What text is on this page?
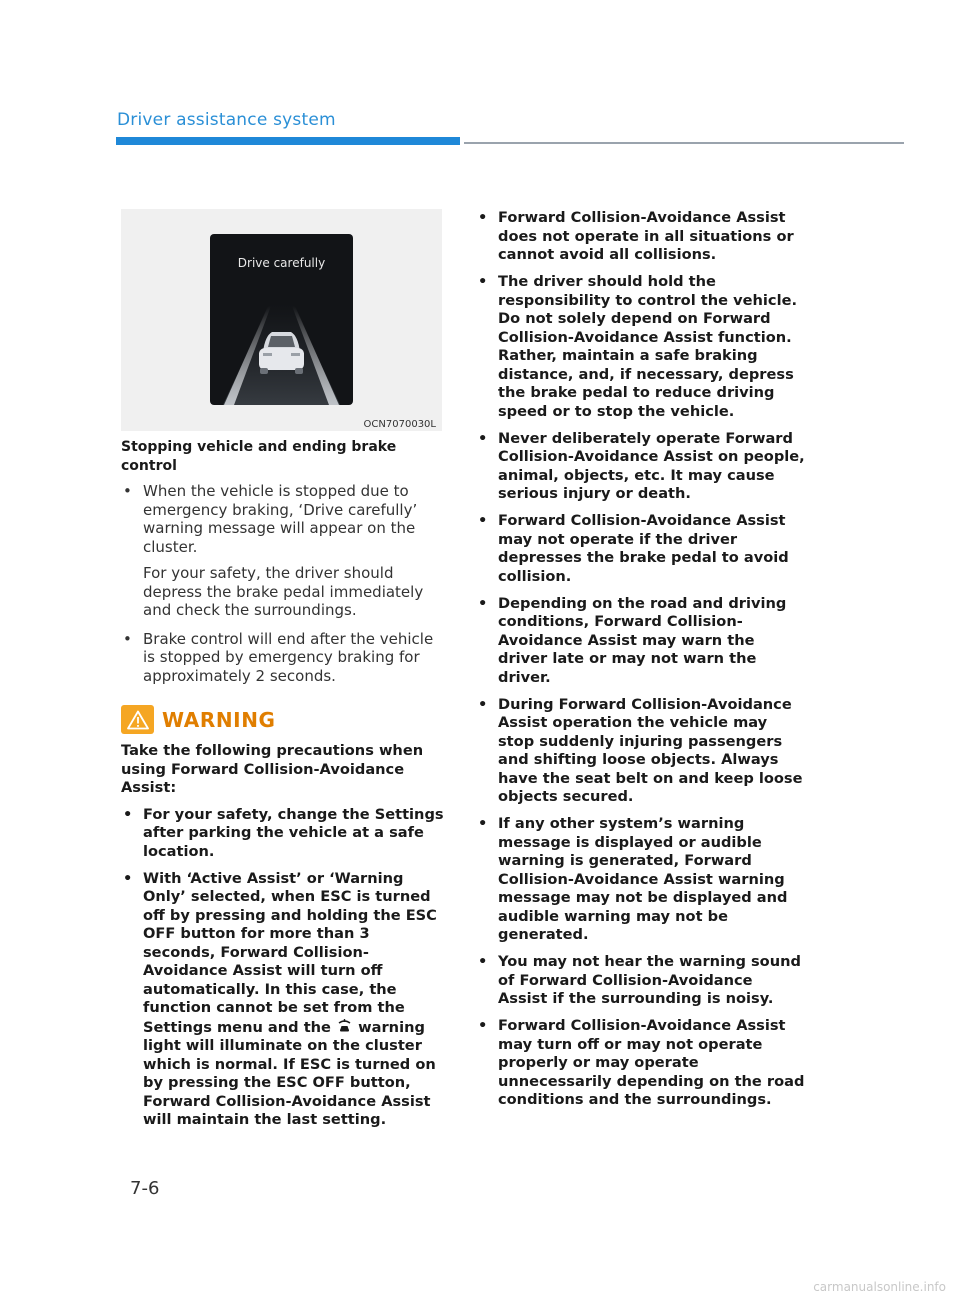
Driver assistance system
Drive carefully
OCN7070030L
Stopping vehicle and ending brake control
• When the vehicle is stopped due to emergency braking, ‘Drive carefully’ warning message will appear on the cluster.

For your safety, the driver should depress the brake pedal immediately and check the surroundings.

• Brake control will end after the vehicle is stopped by emergency braking for approximately 2 seconds.
WARNING
Take the following precautions when using Forward Collision-Avoidance Assist:
• For your safety, change the Settings after parking the vehicle at a safe location.
• With ‘Active Assist’ or ‘Warning Only’ selected, when ESC is turned off by pressing and holding the ESC OFF button for more than 3 seconds, Forward Collision-Avoidance Assist will turn off automatically. In this case, the function cannot be set from the Settings menu and the warning light will illuminate on the cluster which is normal. If ESC is turned on by pressing the ESC OFF button, Forward Collision-Avoidance Assist will maintain the last setting.
• Forward Collision-Avoidance Assist does not operate in all situations or cannot avoid all collisions.
• The driver should hold the responsibility to control the vehicle. Do not solely depend on Forward Collision-Avoidance Assist function. Rather, maintain a safe braking distance, and, if necessary, depress the brake pedal to reduce driving speed or to stop the vehicle.
• Never deliberately operate Forward Collision-Avoidance Assist on people, animal, objects, etc. It may cause serious injury or death.
• Forward Collision-Avoidance Assist may not operate if the driver depresses the brake pedal to avoid collision.
• Depending on the road and driving conditions, Forward Collision-Avoidance Assist may warn the driver late or may not warn the driver.
• During Forward Collision-Avoidance Assist operation the vehicle may stop suddenly injuring passengers and shifting loose objects. Always have the seat belt on and keep loose objects secured.
• If any other system’s warning message is displayed or audible warning is generated, Forward Collision-Avoidance Assist warning message may not be displayed and audible warning may not be generated.
• You may not hear the warning sound of Forward Collision-Avoidance Assist if the surrounding is noisy.
• Forward Collision-Avoidance Assist may turn off or may not operate properly or may operate unnecessarily depending on the road conditions and the surroundings.
7-6
carmanualsonline.info
